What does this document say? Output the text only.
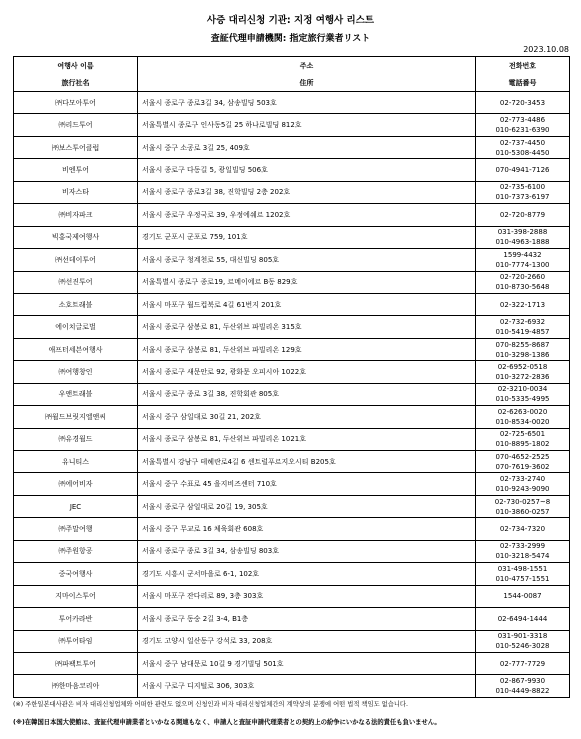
사증 대리신청 기관: 지정 여행사 리스트
査証代理申請機関: 指定旅行業者リスト
2023.10.08
여행사 이름	주소	전화번호
旅行社名	住所	電話番号
㈜다모아투어	서울시 종로구 종로3길 34, 삼송빌딩 503호	02-720-3453

㈜리드투어	서울특별시 종로구 인사동5길 25 하나로빌딩 812호	02-773-4486
010-6231-6390

㈜보스투어클럽	서울시 중구 소공로 3길 25, 409호	02-737-4450
010-5308-4450

비엔투어	서울시 종로구 다동길 5, 광일빌딩 506호	070-4941-7126

비자스타	서울시 종로구 종로3길 38, 진학빌딩 2층 202호	02-735-6100
010-7373-6197

㈜비자파크	서울시 종로구 우정국로 39, 우정에쉐르 1202호	02-720-8779

빅홍국제여행사	경기도 군포시 군포로 759, 101호	031-398-2888
010-4963-1888

㈜선데이투어	서울시 종로구 청계천로 55, 대신빌딩 805호	1599-4432
010-7774-1300

㈜선진투어	서울특별시 종로구 종로19, 르메이에르 B동 829호	02-720-2660
010-8730-5648

소호트래블	서울시 마포구 월드컵북로 4길 61번지 201호	02-322-1713

에이치글로벌	서울시 종로구 삼봉로 81, 두산위브 파빌리온 315호	02-732-6932
010-5419-4857

애프터세븐여행사	서울시 종로구 삼봉로 81, 두산위브 파빌리온 129호	070-8255-8687
010-3298-1386

㈜여행창인	서울시 종로구 새문안로 92, 광화문 오피시아 1022호	02-6952-0518
010-3272-2836

우앤트래블	서울시 종로구 종로 3길 38, 진학회관 805호	02-3210-0034
010-5335-4995

㈜월드브릿지엘앤씨	서울시 중구 삼일대로 30길 21, 202호	02-6263-0020
010-8534-0020

㈜유경월드	서울시 종로구 삼봉로 81, 두산위브 파빌리온 1021호	02-725-6501
010-8895-1802

유니티스	서울특별시 강남구 테헤란로4길 6 센트럴푸르지오시티 B205호	070-4652-2525
070-7619-3602

㈜에어비자	서울시 중구 수표로 45 을지비즈센터 710호	02-733-2740
010-9243-9090

JEC	서울시 종로구 삼일대로 20길 19, 305호	02-730-0257~8
010-3860-0257

㈜주말여행	서울시 중구 무교로 16 체육회관 608호	02-734-7320

㈜주원항공	서울시 종로구 종로 3길 34, 삼송빌딩 803호	02-733-2999
010-3218-5474

중국여행사	경기도 시흥시 군서마을로 6-1, 102호	031-498-1551
010-4757-1551

지마이스투어	서울시 마포구 잔다리로 89, 3층 303호	1544-0087

투어카라반	서울시 종로구 동숭 2길 3-4, B1층	02-6494-1444

㈜투어타임	경기도 고양시 일산동구 강석로 33, 208호	031-901-3318
010-5246-3028

㈜파팩트투어	서울시 중구 남대문로 10길 9 경기빌딩 501호	02-777-7729

㈜한마음코리아	서울시 구로구 디지털로 306, 303호	02-867-9930
010-4449-8822
(※) 주한일본대사관은 비자 대리신청업체와 어떠한 관련도 없으며 신청인과 비자 대리신청업체간의 계약상의 분쟁에 어떤 법적 책임도 없습니다.
(※)在韓国日本国大使館は、査証代理申請業者といかなる関連もなく、申請人と査証申請代理業者との契約上の紛争にいかなる法的責任も負いません。
